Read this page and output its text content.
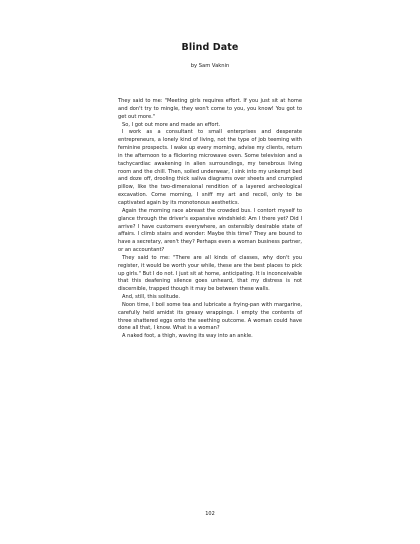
Blind Date
by Sam Vaknin

They said to me: "Meeting girls requires effort. If you just sit at home and don't try to mingle, they won't come to you, you know! You got to get out more."

So, I got out more and made an effort.

I work as a consultant to small enterprises and desperate entrepreneurs, a lonely kind of living, not the type of job teeming with feminine prospects. I wake up every morning, advise my clients, return in the afternoon to a flickering microwave oven. Some television and a tachycardiac awakening in alien surroundings, my tenebrous living room and the chill. Then, soiled underwear, I sink into my unkempt bed and doze off, drooling thick saliva diagrams over sheets and crumpled pillow, like the two-dimensional rendition of a layered archeological excavation. Come morning, I sniff my art and recoil, only to be captivated again by its monotonous aesthetics.

Again the morning race abreast the crowded bus. I contort myself to glance through the driver's expansive windshield: Am I there yet? Did I arrive? I have customers everywhere, an ostensibly desirable state of affairs. I climb stairs and wonder: Maybe this time? They are bound to have a secretary, aren't they? Perhaps even a woman business partner, or an accountant?

They said to me: "There are all kinds of classes, why don't you register, it would be worth your while, these are the best places to pick up girls." But I do not. I just sit at home, anticipating. It is inconceivable that this deafening silence goes unheard, that my distress is not discernible, trapped though it may be between these walls.

And, still, this solitude.

Noon time, I boil some tea and lubricate a frying-pan with margarine, carefully held amidst its greasy wrappings. I empty the contents of three shattered eggs onto the seething outcome. A woman could have done all that, I know. What is a woman?

A naked foot, a thigh, waving its way into an ankle.

102
